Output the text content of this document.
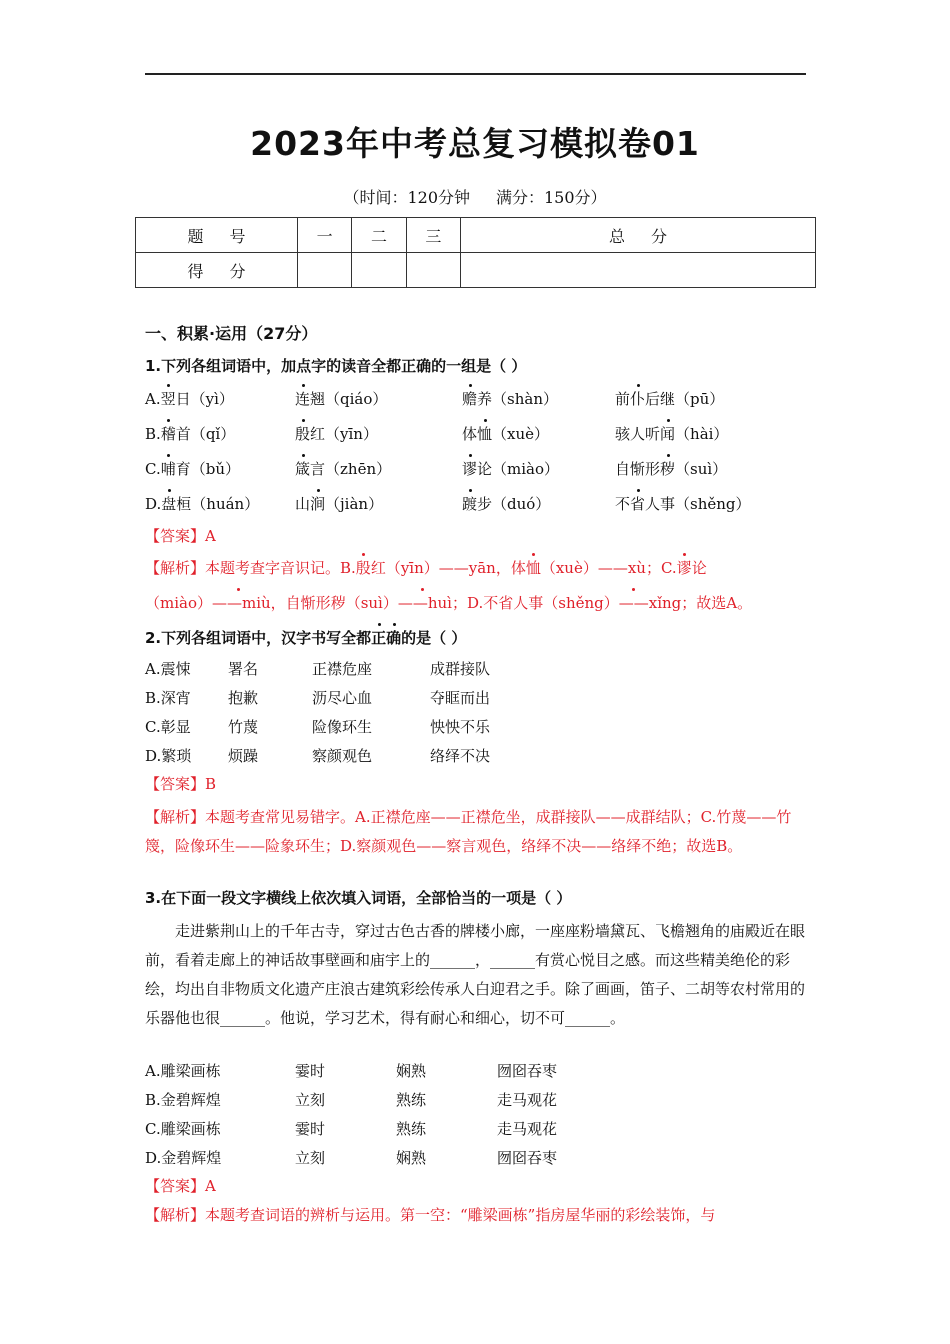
2023年中考总复习模拟卷01
（时间：120分钟 满分：150分）
题号	一	二	三	总分
得分				
一、积累·运用（27分）
1.下列各组词语中，加点字的读音全都正确的一组是（ ）
A.翌日（yì）	连翘（qiáo）	赡养（shàn）	前仆后继（pū）
B.稽首（qǐ）	殷红（yīn）	体恤（xuè）	骇人听闻（hài）
C.哺育（bǔ）	箴言（zhēn）	谬论（miào）	自惭形秽（suì）
D.盘桓（huán） 山涧（jiàn）	踱步（duó）	不省人事（shěng）
【答案】A
【解析】本题考查字音识记。B.殷红（yīn）——yān，体恤（xuè）——xù；C.谬论
（miào）——miù，自惭形秽（suì）——huì；D.不省人事（shěng）——xǐng；故选A。
2.下列各组词语中，汉字书写全都正确的是（ ）
A.震悚 署名	正襟危座	成群接队
B.深宵 抱歉	沥尽心血	夺眶而出
C.彰显 竹蔑	险像环生	怏怏不乐
D.繁琐 烦躁	察颜观色	络绎不决
【答案】B
【解析】本题考查常见易错字。A.正襟危座——正襟危坐，成群接队——成群结队；C.竹蔑——竹篾，险像环生——险象环生；D.察颜观色——察言观色，络绎不决——络绎不绝；故选B。
3.在下面一段文字横线上依次填入词语，全部恰当的一项是（ ）
走进紫荆山上的千年古寺，穿过古色古香的牌楼小廊，一座座粉墙黛瓦、飞檐翘角的庙殿近在眼前，看着走廊上的神话故事壁画和庙宇上的______，______有赏心悦目之感。而这些精美绝伦的彩绘，均出自非物质文化遗产庄浪古建筑彩绘传承人白迎君之手。除了画画，笛子、二胡等农村常用的乐器他也很______。他说，学习艺术，得有耐心和细心，切不可______。
A.雕梁画栋	霎时	娴熟	囫囵吞枣
B.金碧辉煌	立刻	熟练	走马观花
C.雕梁画栋	霎时	熟练	走马观花
D.金碧辉煌	立刻	娴熟	囫囵吞枣
【答案】A
【解析】本题考查词语的辨析与运用。第一空：“雕梁画栋”指房屋华丽的彩绘装饰，与
